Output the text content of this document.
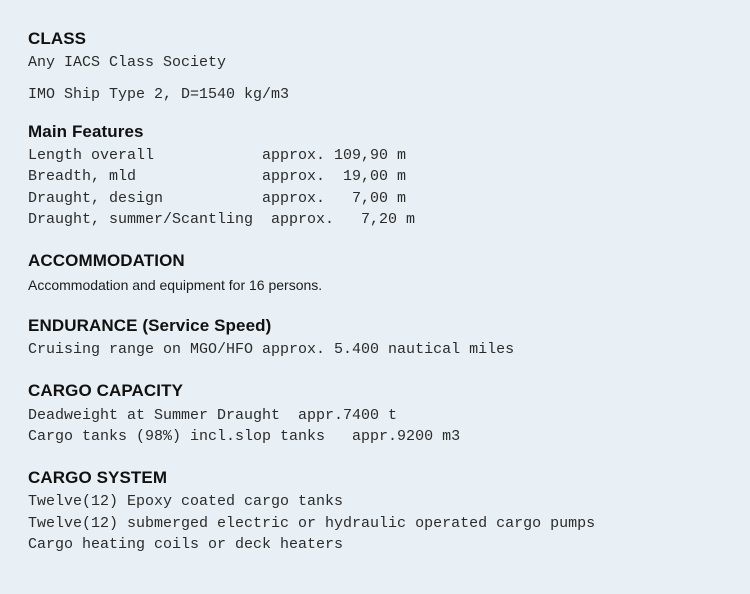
CLASS
Any IACS Class Society
IMO Ship Type 2, D=1540 kg/m3
Main Features
Length overall            approx. 109,90 m
Breadth, mld              approx.  19,00 m
Draught, design           approx.   7,00 m
Draught, summer/Scantling  approx.   7,20 m
ACCOMMODATION
Accommodation and equipment for 16 persons.
ENDURANCE (Service Speed)
Cruising range on MGO/HFO approx. 5.400 nautical miles
CARGO CAPACITY
Deadweight at Summer Draught  appr.7400 t
Cargo tanks (98%) incl.slop tanks   appr.9200 m3
CARGO SYSTEM
Twelve(12) Epoxy coated cargo tanks
Twelve(12) submerged electric or hydraulic operated cargo pumps
Cargo heating coils or deck heaters
